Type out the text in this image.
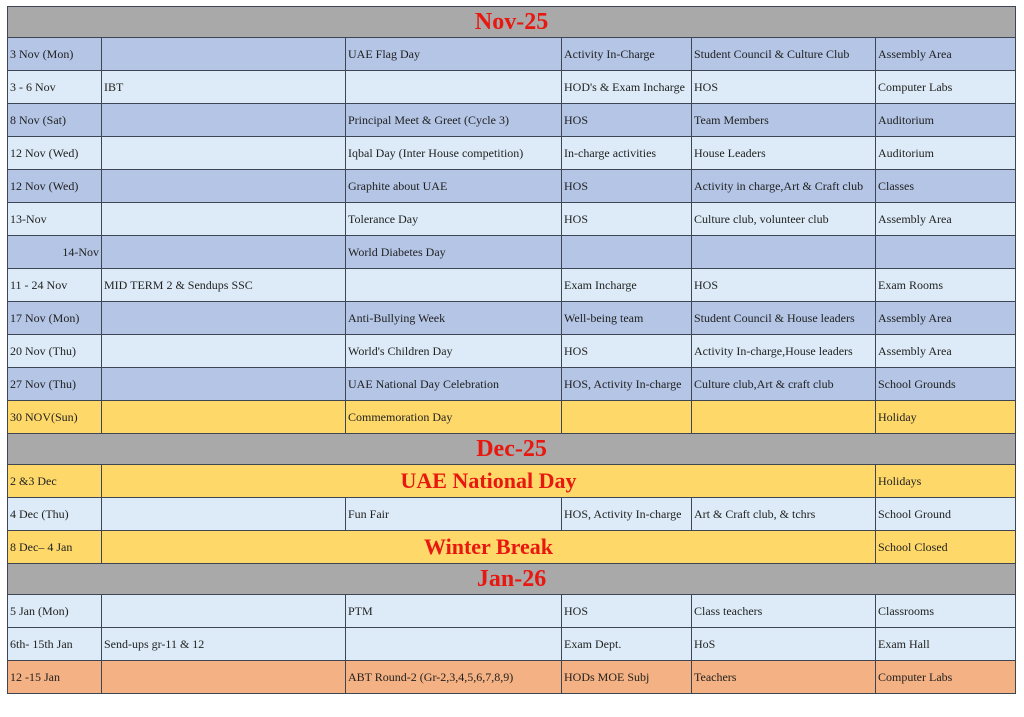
Nov-25					
3 Nov (Mon)		UAE Flag Day	Activity In-Charge	Student Council & Culture Club	Assembly Area
3 - 6 Nov	IBT		HOD's & Exam Incharge	HOS	Computer Labs
8 Nov (Sat)		Principal Meet & Greet (Cycle 3)	HOS	Team Members	Auditorium
12 Nov (Wed)		Iqbal Day (Inter House competition)	In-charge activities	House Leaders	Auditorium
12 Nov (Wed)		Graphite about UAE	HOS	Activity in charge,Art & Craft club	Classes
13-Nov		Tolerance Day	HOS	Culture club, volunteer club	Assembly Area
14-Nov		World Diabetes Day			
11 - 24 Nov	MID TERM 2 & Sendups SSC		Exam Incharge	HOS	Exam Rooms
17 Nov (Mon)		Anti-Bullying Week	Well-being team	Student Council & House leaders	Assembly Area
20 Nov (Thu)		World's Children Day	HOS	Activity In-charge,House leaders	Assembly Area
27 Nov (Thu)		UAE National Day Celebration	HOS, Activity In-charge	Culture club,Art & craft club	School Grounds
30 NOV(Sun)		Commemoration Day			Holiday
Dec-25					
2 &3 Dec	UAE National Day				Holidays
4 Dec (Thu)		Fun Fair	HOS, Activity In-charge	Art & Craft club, & tchrs	School Ground
8 Dec– 4 Jan	Winter Break				School Closed
Jan-26					
5 Jan (Mon)		PTM	HOS	Class teachers	Classrooms
6th- 15th Jan	Send-ups gr-11 & 12		Exam Dept.	HoS	Exam Hall
12 -15 Jan		ABT Round-2 (Gr-2,3,4,5,6,7,8,9)	HODs MOE Subj	Teachers	Computer Labs
